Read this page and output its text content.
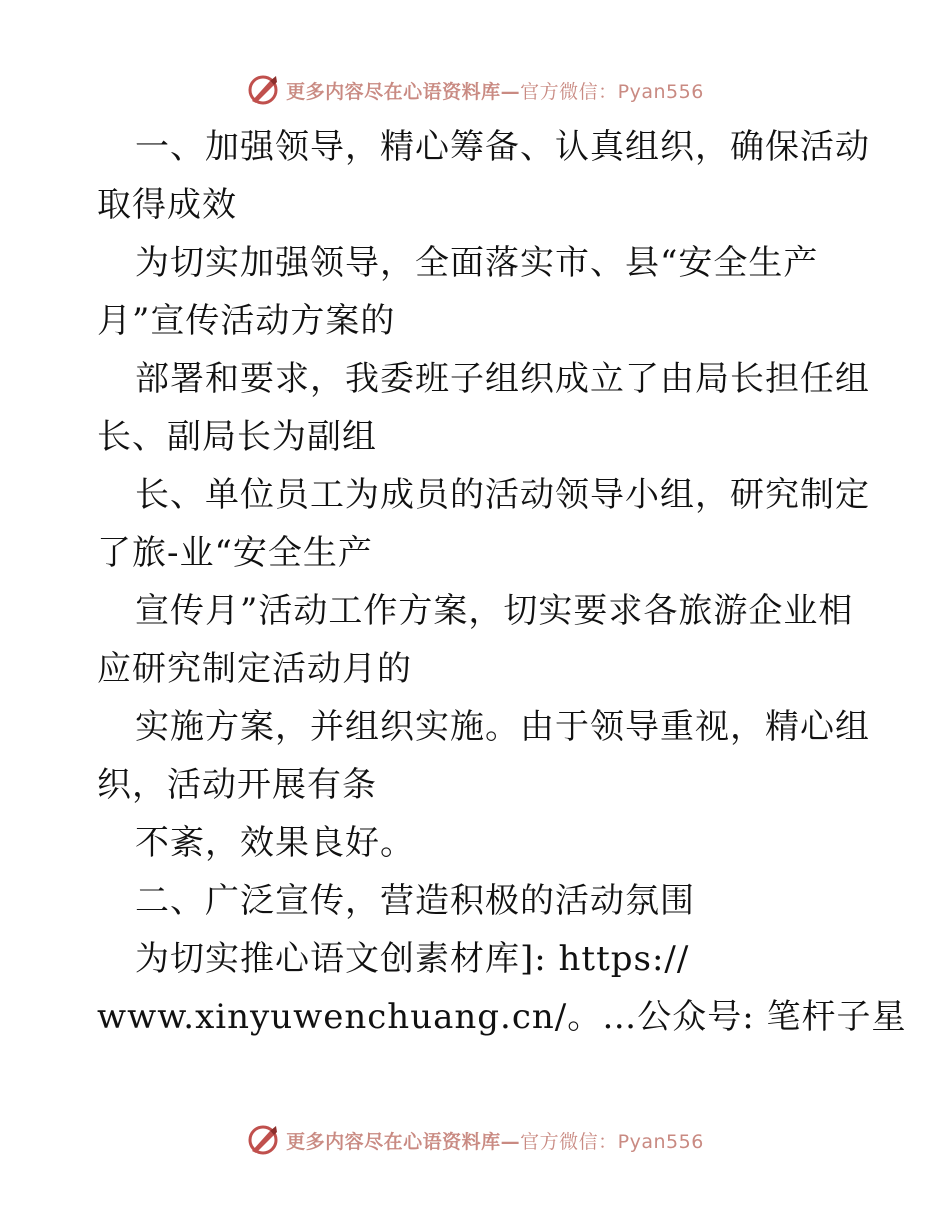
更多内容尽在心语资料库—官方微信：Pyan556
一、加强领导，精心筹备、认真组织，确保活动
取得成效
为切实加强领导，全面落实市、县“安全生产
月”宣传活动方案的
部署和要求，我委班子组织成立了由局长担任组
长、副局长为副组
长、单位员工为成员的活动领导小组，研究制定
了旅-业“安全生产
宣传月”活动工作方案，切实要求各旅游企业相
应研究制定活动月的
实施方案，并组织实施。由于领导重视，精心组
织，活动开展有条
不紊，效果良好。
二、广泛宣传，营造积极的活动氛围
为切实推心语文创素材库]: https://
www.xinyuwenchuang.cn/。…公众号: 笔杆子星
更多内容尽在心语资料库—官方微信：Pyan556
